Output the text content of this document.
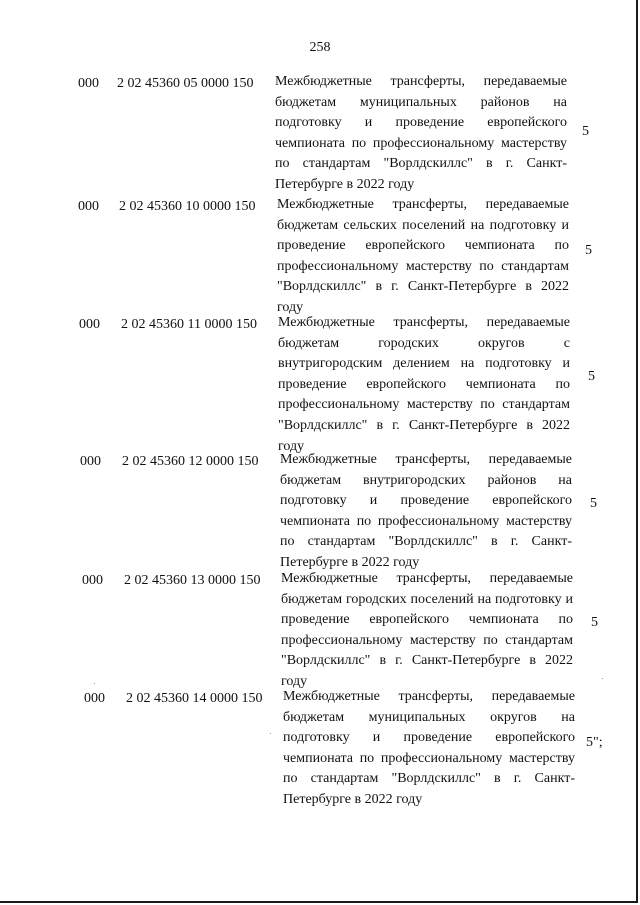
258
000 2 02 45360 05 0000 150 Межбюджетные трансферты, передаваемые бюджетам муниципальных районов на подготовку и проведение европейского чемпионата по профессиональному мастерству по стандартам "Ворлдскиллс" в г. Санкт-Петербурге в 2022 году
5
000 2 02 45360 10 0000 150 Межбюджетные трансферты, передаваемые бюджетам сельских поселений на подготовку и проведение европейского чемпионата по профессиональному мастерству по стандартам "Ворлдскиллс" в г. Санкт-Петербурге в 2022 году
5
000 2 02 45360 11 0000 150 Межбюджетные трансферты, передаваемые бюджетам городских округов с внутригородским делением на подготовку и проведение европейского чемпионата по профессиональному мастерству по стандартам "Ворлдскиллс" в г. Санкт-Петербурге в 2022 году
5
000 2 02 45360 12 0000 150 Межбюджетные трансферты, передаваемые бюджетам внутригородских районов на подготовку и проведение европейского чемпионата по профессиональному мастерству по стандартам "Ворлдскиллс" в г. Санкт-Петербурге в 2022 году
5
000 2 02 45360 13 0000 150 Межбюджетные трансферты, передаваемые бюджетам городских поселений на подготовку и проведение европейского чемпионата по профессиональному мастерству по стандартам "Ворлдскиллс" в г. Санкт-Петербурге в 2022 году
5
000 2 02 45360 14 0000 150 Межбюджетные трансферты, передаваемые бюджетам муниципальных округов на подготовку и проведение европейского чемпионата по профессиональному мастерству по стандартам "Ворлдскиллс" в г. Санкт-Петербурге в 2022 году
5";
